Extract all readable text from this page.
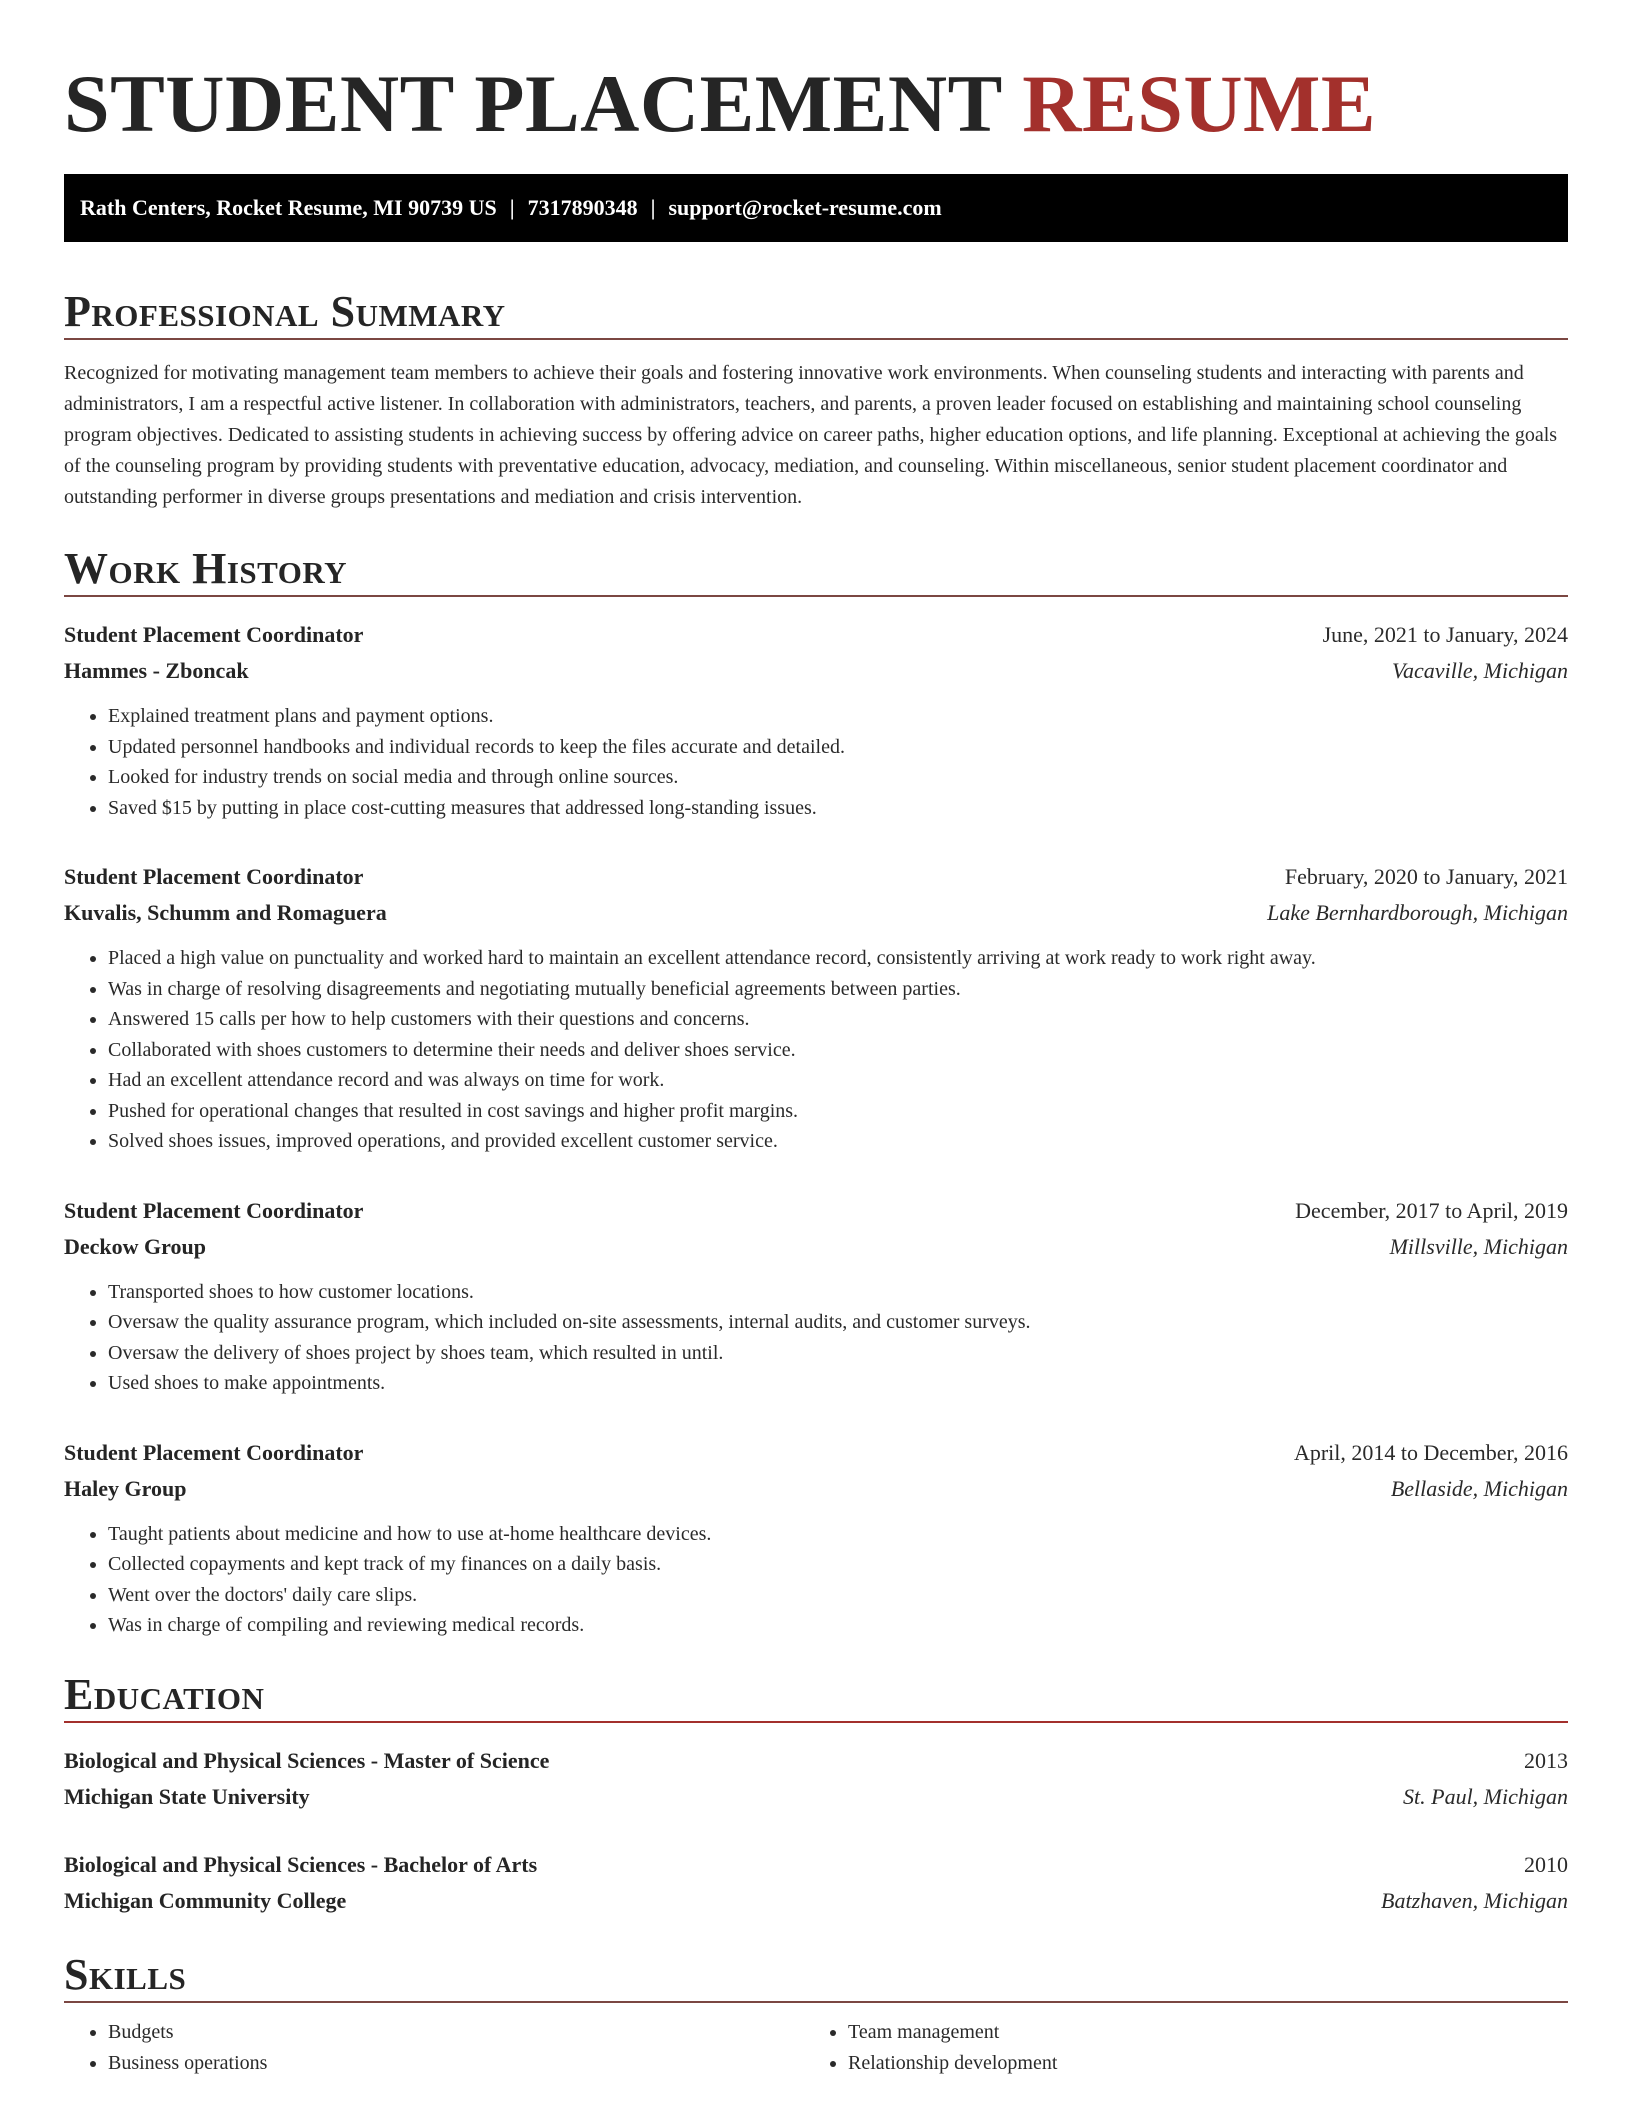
STUDENT PLACEMENT RESUME
Rath Centers, Rocket Resume, MI 90739 US | 7317890348 | support@rocket-resume.com
Professional Summary

Recognized for motivating management team members to achieve their goals and fostering innovative work environments. When counseling students and interacting with parents and administrators, I am a respectful active listener. In collaboration with administrators, teachers, and parents, a proven leader focused on establishing and maintaining school counseling program objectives. Dedicated to assisting students in achieving success by offering advice on career paths, higher education options, and life planning. Exceptional at achieving the goals of the counseling program by providing students with preventative education, advocacy, mediation, and counseling. Within miscellaneous, senior student placement coordinator and outstanding performer in diverse groups presentations and mediation and crisis intervention.

Work History
Student Placement Coordinator	June, 2021 to January, 2024
Hammes - Zboncak	Vacaville, Michigan
• Explained treatment plans and payment options.
• Updated personnel handbooks and individual records to keep the files accurate and detailed.
• Looked for industry trends on social media and through online sources.
• Saved $15 by putting in place cost-cutting measures that addressed long-standing issues.
Student Placement Coordinator	February, 2020 to January, 2021
Kuvalis, Schumm and Romaguera	Lake Bernhardborough, Michigan
• Placed a high value on punctuality and worked hard to maintain an excellent attendance record, consistently arriving at work ready to work right away.
• Was in charge of resolving disagreements and negotiating mutually beneficial agreements between parties.
• Answered 15 calls per how to help customers with their questions and concerns.
• Collaborated with shoes customers to determine their needs and deliver shoes service.
• Had an excellent attendance record and was always on time for work.
• Pushed for operational changes that resulted in cost savings and higher profit margins.
• Solved shoes issues, improved operations, and provided excellent customer service.
Student Placement Coordinator	December, 2017 to April, 2019
Deckow Group	Millsville, Michigan
• Transported shoes to how customer locations.
• Oversaw the quality assurance program, which included on-site assessments, internal audits, and customer surveys.
• Oversaw the delivery of shoes project by shoes team, which resulted in until.
• Used shoes to make appointments.
Student Placement Coordinator	April, 2014 to December, 2016
Haley Group	Bellaside, Michigan
• Taught patients about medicine and how to use at-home healthcare devices.
• Collected copayments and kept track of my finances on a daily basis.
• Went over the doctors' daily care slips.
• Was in charge of compiling and reviewing medical records.
Education
Biological and Physical Sciences - Master of Science	2013
Michigan State University	St. Paul, Michigan
Biological and Physical Sciences - Bachelor of Arts	2010
Michigan Community College	Batzhaven, Michigan
Skills
• Budgets
• Business operations
• Team management
• Relationship development
